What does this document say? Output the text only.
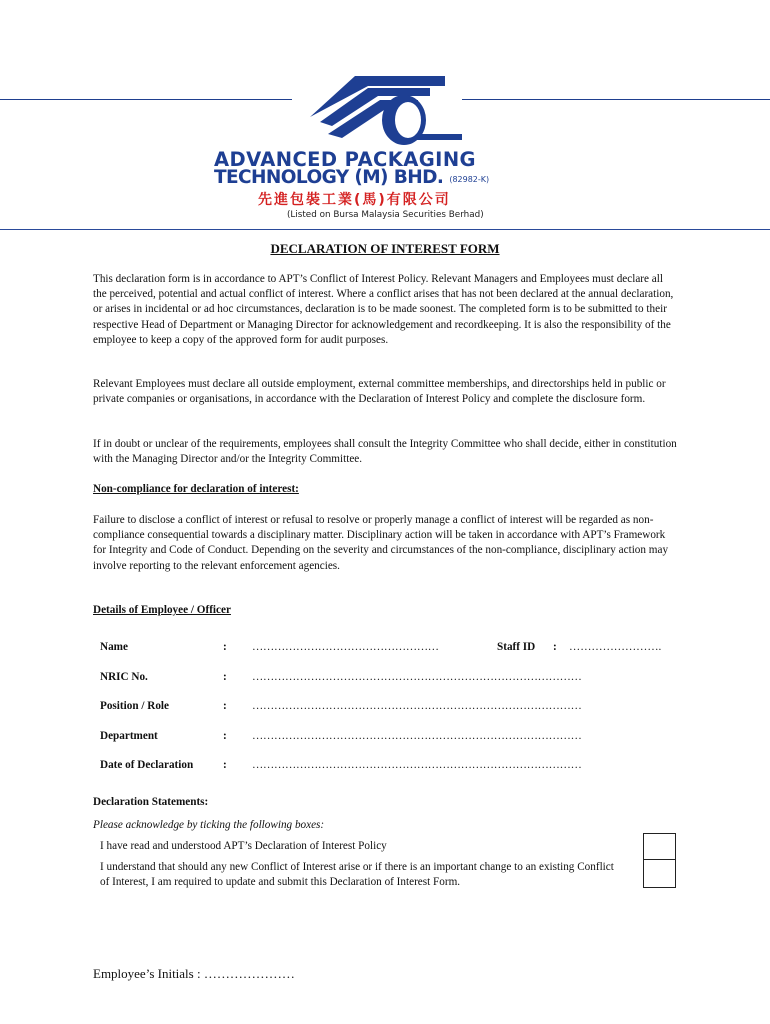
ADVANCED PACKAGING
TECHNOLOGY (M) BHD. (82982-K)
先進包裝工業(馬)有限公司
(Listed on Bursa Malaysia Securities Berhad)
DECLARATION OF INTEREST FORM

This declaration form is in accordance to APT’s Conflict of Interest Policy. Relevant Managers and Employees must declare all the perceived, potential and actual conflict of interest. Where a conflict arises that has not been declared at the annual declaration, or arises in incidental or ad hoc circumstances, declaration is to be made soonest. The completed form is to be submitted to their respective Head of Department or Managing Director for acknowledgement and recordkeeping. It is also the responsibility of the employee to keep a copy of the approved form for audit purposes.

Relevant Employees must declare all outside employment, external committee memberships, and directorships held in public or private companies or organisations, in accordance with the Declaration of Interest Policy and complete the disclosure form.

If in doubt or unclear of the requirements, employees shall consult the Integrity Committee who shall decide, either in constitution with the Managing Director and/or the Integrity Committee.

Non-compliance for declaration of interest:

Failure to disclose a conflict of interest or refusal to resolve or properly manage a conflict of interest will be regarded as non-compliance consequential towards a disciplinary matter. Disciplinary action will be taken in accordance with APT’s Framework for Integrity and Code of Conduct. Depending on the severity and circumstances of the non-compliance, disciplinary action may involve reporting to the relevant enforcement agencies.

Details of Employee / Officer
Name	: ……………………………………………	Staff ID : …………………….
NRIC No.	: ………………………………………………………………………………
Position / Role	: ………………………………………………………………………………
Department	: ………………………………………………………………………………
Date of Declaration	: ………………………………………………………………………………
Declaration Statements:
Please acknowledge by ticking the following boxes:
I have read and understood APT’s Declaration of Interest Policy
I understand that should any new Conflict of Interest arise or if there is an important change to an existing Conflict of Interest, I am required to update and submit this Declaration of Interest Form.
Employee’s Initials : …………………
